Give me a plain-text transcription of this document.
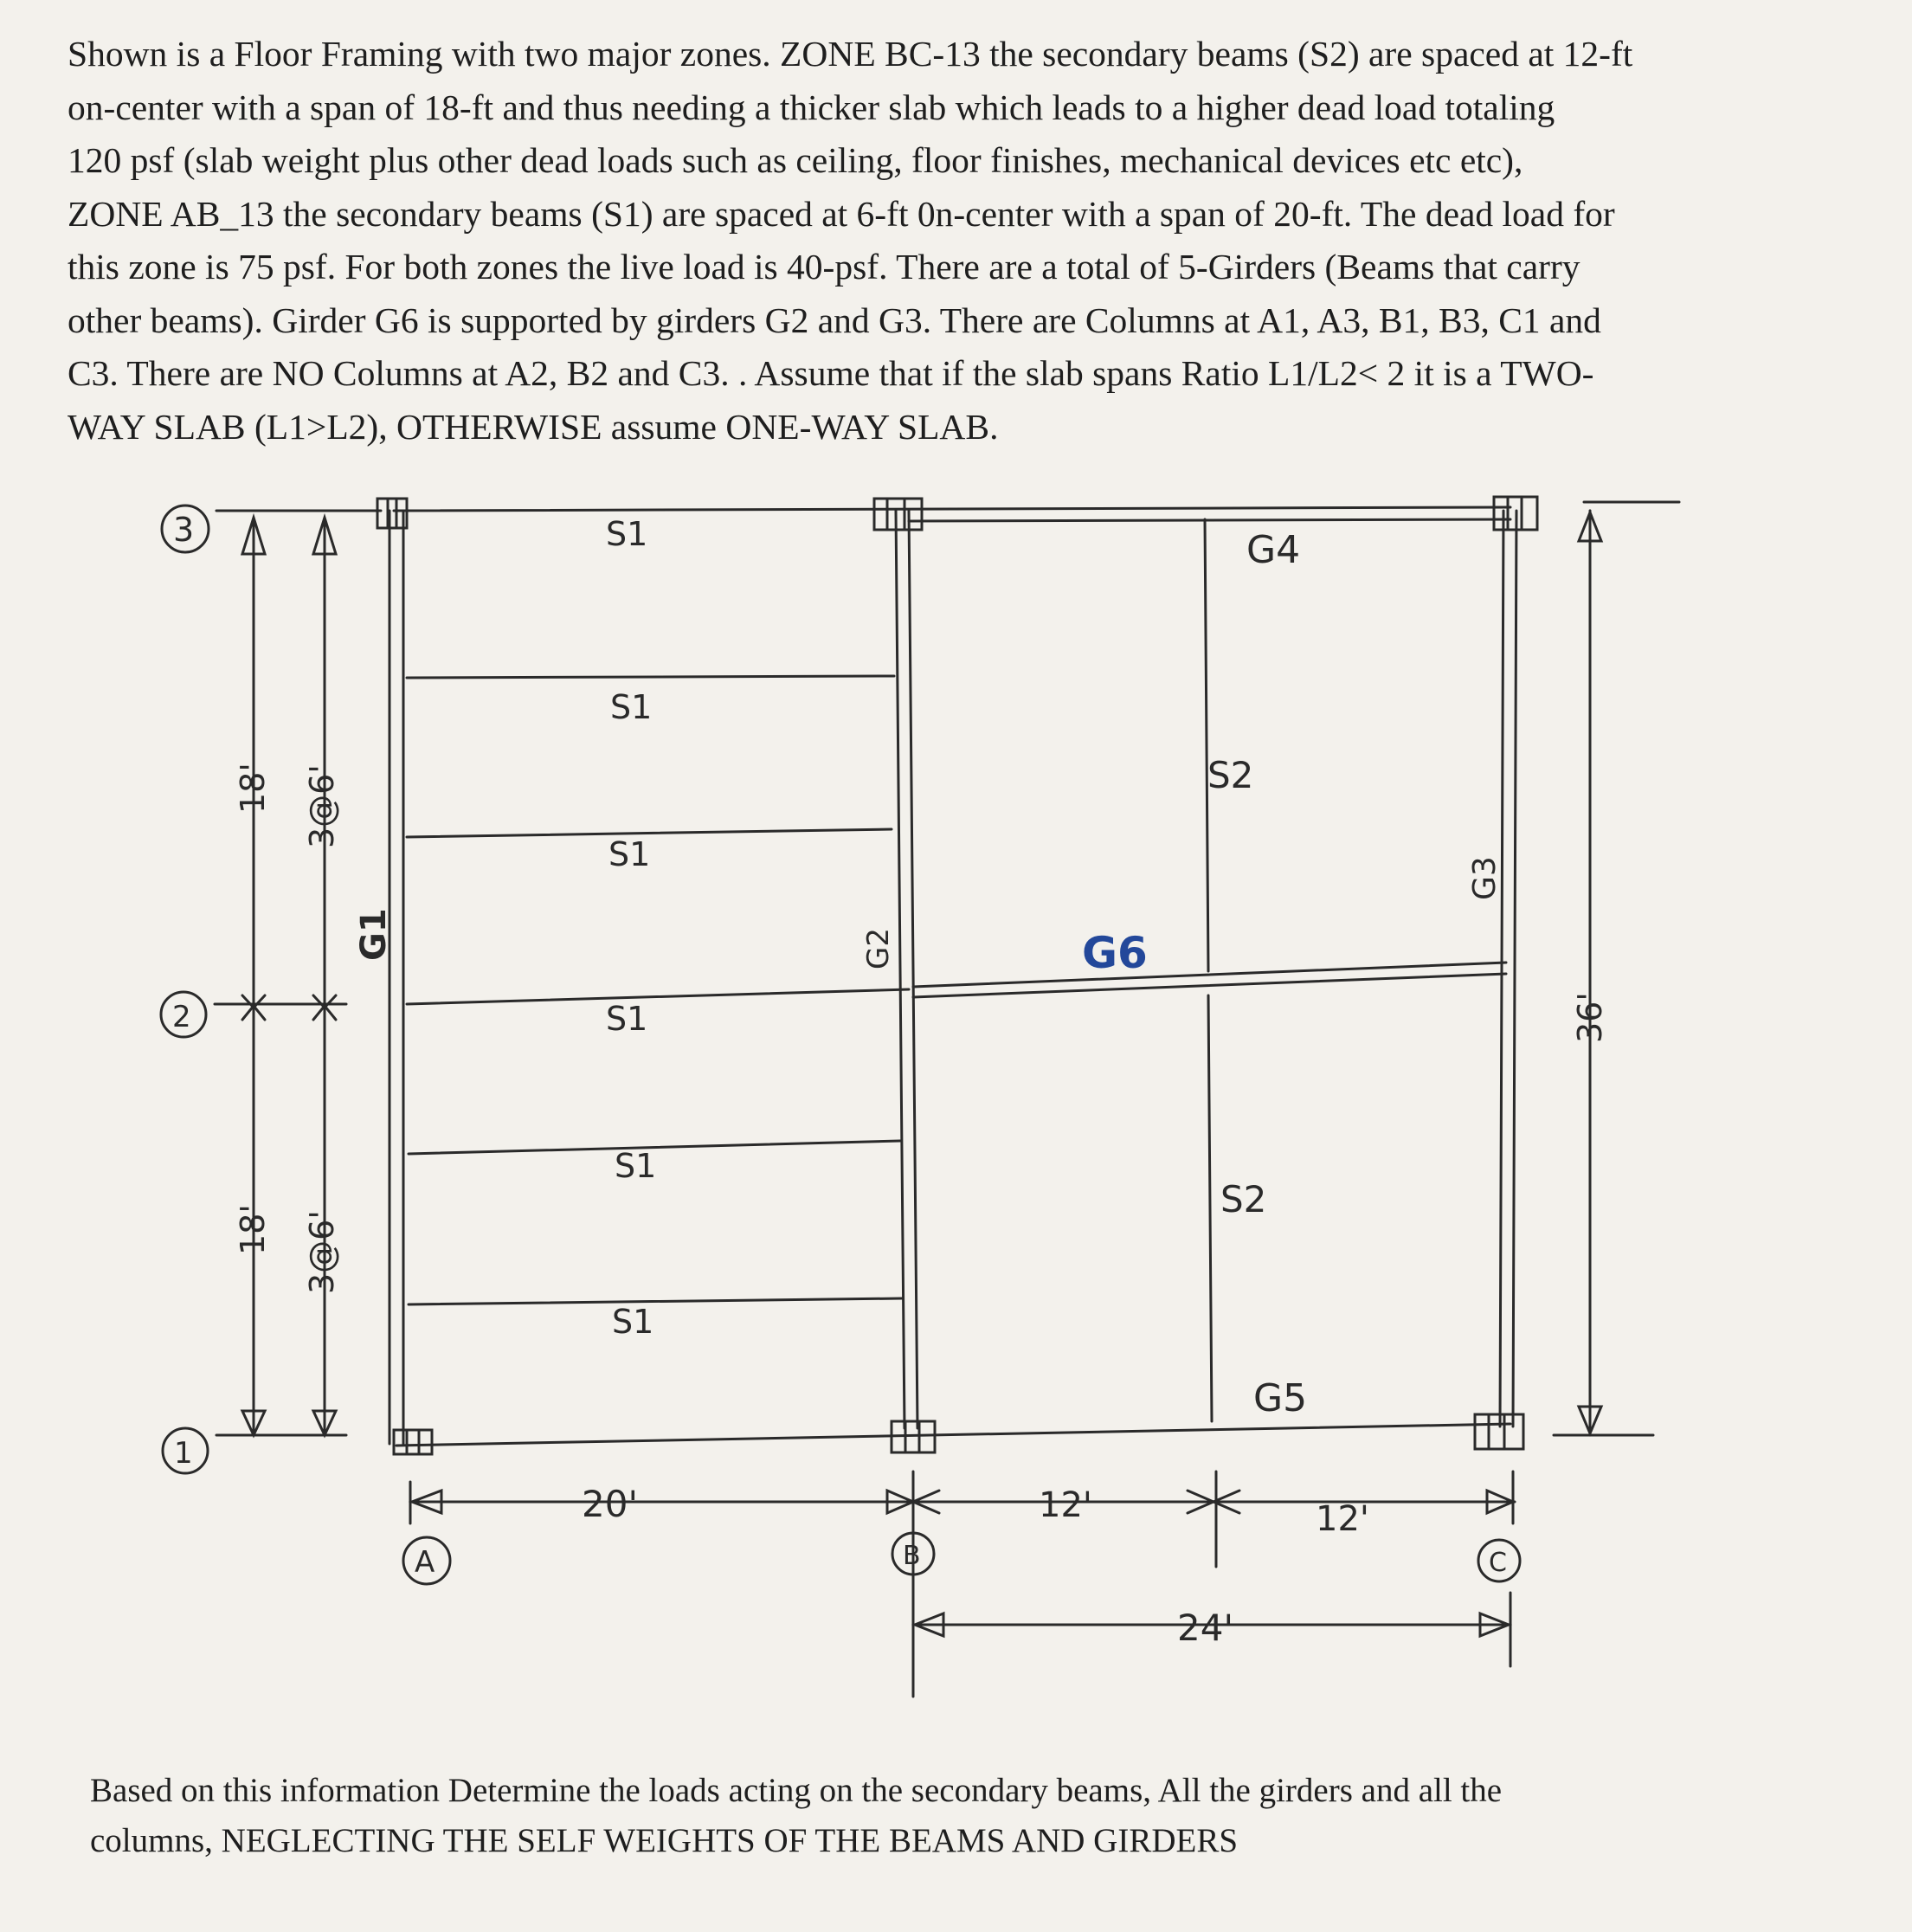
Shown is a Floor Framing with two major zones. ZONE BC-13 the secondary beams (S2) are spaced at 12-ft
on-center with a span of 18-ft and thus needing a thicker slab which leads to a higher dead load totaling
120 psf (slab weight plus other dead loads such as ceiling, floor finishes, mechanical devices etc etc),
ZONE AB_13 the secondary beams (S1) are spaced at 6-ft 0n-center with a span of 20-ft. The dead load for
this zone is 75 psf. For both zones the live load is 40-psf. There are a total of 5-Girders (Beams that carry
other beams). Girder G6 is supported by girders G2 and G3. There are Columns at A1, A3, B1, B3, C1 and
C3. There are NO Columns at A2, B2 and C3. . Assume that if the slab spans Ratio L1/L2< 2 it is a TWO-
WAY SLAB (L1>L2), OTHERWISE assume ONE-WAY SLAB.
3
2
1
A	B	C
S1
S1
S1
S1
S1
S1
S2
S2
G4
G5
G6
G2
G3
G1
18'
18'
3@6'
3@6'
36'
20'	12'	12'
24'
Based on this information Determine the loads acting on the secondary beams, All the girders and all the
columns, NEGLECTING THE SELF WEIGHTS OF THE BEAMS AND GIRDERS
